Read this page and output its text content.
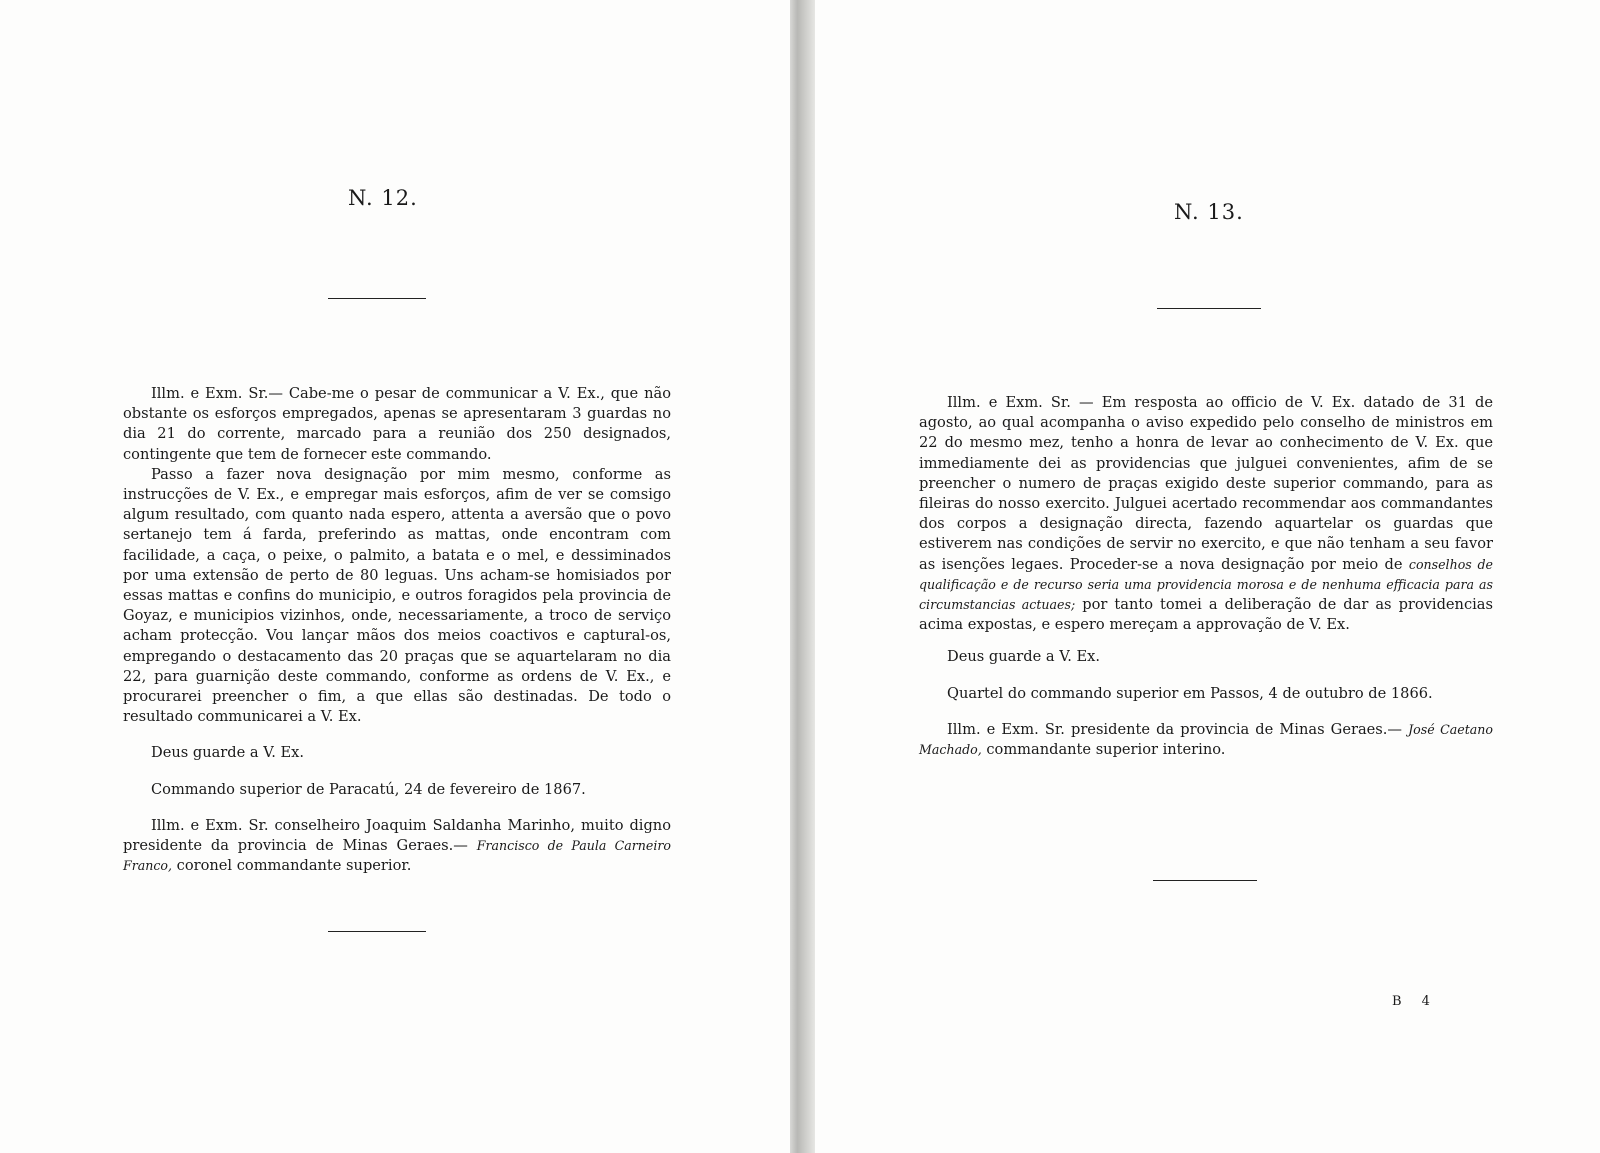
N. 12.

Illm. e Exm. Sr.— Cabe-me o pesar de communicar a V. Ex., que não obstante os esforços empregados, apenas se apresentaram 3 guardas no dia 21 do corrente, marcado para a reunião dos 250 designados, contingente que tem de fornecer este commando.

Passo a fazer nova designação por mim mesmo, conforme as instrucções de V. Ex., e empregar mais esforços, afim de ver se comsigo algum resultado, com quanto nada espero, attenta a aversão que o povo sertanejo tem á farda, preferindo as mattas, onde encontram com facilidade, a caça, o peixe, o palmito, a batata e o mel, e dessiminados por uma extensão de perto de 80 leguas. Uns acham-se homisiados por essas mattas e confins do municipio, e outros foragidos pela provincia de Goyaz, e municipios vizinhos, onde, necessariamente, a troco de serviço acham protecção. Vou lançar mãos dos meios coactivos e captural-os, empregando o destacamento das 20 praças que se aquartelaram no dia 22, para guarnição deste commando, conforme as ordens de V. Ex., e procurarei preencher o fim, a que ellas são destinadas. De todo o resultado communicarei a V. Ex.

Deus guarde a V. Ex.

Commando superior de Paracatú, 24 de fevereiro de 1867.

Illm. e Exm. Sr. conselheiro Joaquim Saldanha Marinho, muito digno presidente da provincia de Minas Geraes.— Francisco de Paula Carneiro Franco, coronel commandante superior.

N. 13.

Illm. e Exm. Sr. — Em resposta ao officio de V. Ex. datado de 31 de agosto, ao qual acompanha o aviso expedido pelo conselho de ministros em 22 do mesmo mez, tenho a honra de levar ao conhecimento de V. Ex. que immediamente dei as providencias que julguei convenientes, afim de se preencher o numero de praças exigido deste superior commando, para as fileiras do nosso exercito. Julguei acertado recommendar aos commandantes dos corpos a designação directa, fazendo aquartelar os guardas que estiverem nas condições de servir no exercito, e que não tenham a seu favor as isenções legaes. Proceder-se a nova designação por meio de conselhos de qualificação e de recurso seria uma providencia morosa e de nenhuma efficacia para as circumstancias actuaes; por tanto tomei a deliberação de dar as providencias acima expostas, e espero mereçam a approvação de V. Ex.

Deus guarde a V. Ex.

Quartel do commando superior em Passos, 4 de outubro de 1866.

Illm. e Exm. Sr. presidente da provincia de Minas Geraes.— José Caetano Machado, commandante superior interino.

B 4
